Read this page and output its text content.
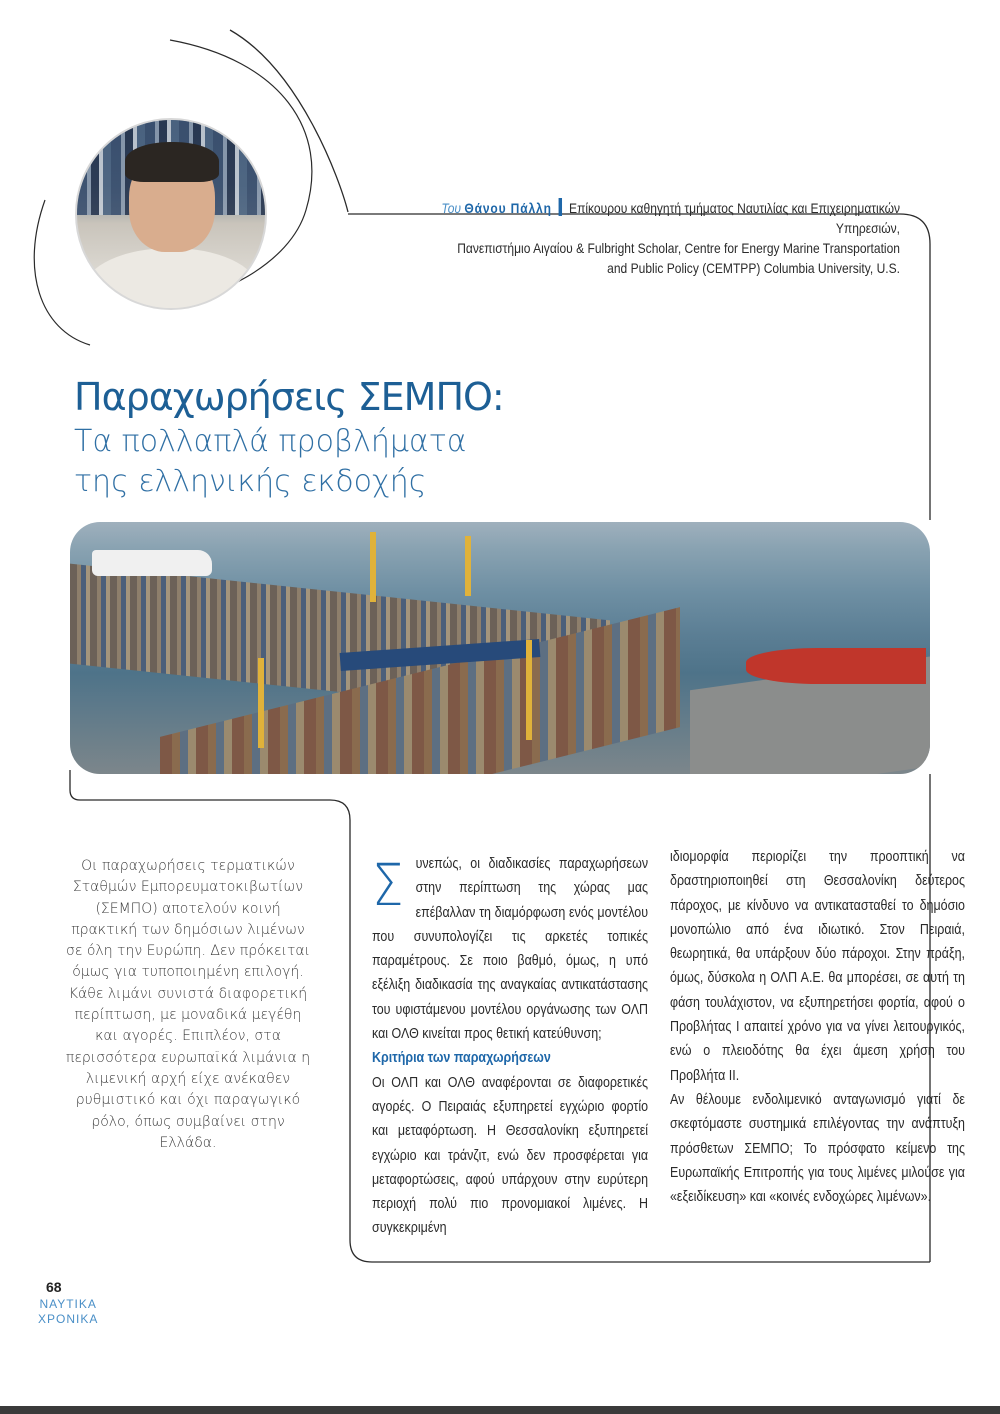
Του Θάνου Πάλλη Επίκουρου καθηγητή τμήματος Ναυτιλίας και Επιχειρηματικών Υπηρεσιών,
Πανεπιστήμιο Αιγαίου & Fulbright Scholar, Centre for Energy Marine Transportation
and Public Policy (CEMTPP) Columbia University, U.S.
Παραχωρήσεις ΣΕΜΠΟ:
Τα πολλαπλά προβλήματα
της ελληνικής εκδοχής
Οι παραχωρήσεις τερματικών Σταθμών Εμπορευματοκιβωτίων (ΣΕΜΠΟ) αποτελούν κοινή πρακτική των δημόσιων λιμένων σε όλη την Ευρώπη. Δεν πρόκειται όμως για τυποποιημένη επιλογή. Κάθε λιμάνι συνιστά διαφορετική περίπτωση, με μοναδικά μεγέθη και αγορές. Επιπλέον, στα περισσότερα ευρωπαϊκά λιμάνια η λιμενική αρχή είχε ανέκαθεν ρυθμιστικό και όχι παραγωγικό ρόλο, όπως συμβαίνει στην Ελλάδα.

Συνεπώς, οι διαδικασίες παραχωρήσεων στην περίπτωση της χώρας μας επέβαλλαν τη διαμόρφωση ενός μοντέλου που συνυπολογίζει τις αρκετές τοπικές παραμέτρους. Σε ποιο βαθμό, όμως, η υπό εξέλιξη διαδικασία της αναγκαίας αντικατάστασης του υφιστάμενου μοντέλου οργάνωσης των ΟΛΠ και ΟΛΘ κινείται προς θετική κατεύθυνση;

Κριτήρια των παραχωρήσεων

Οι ΟΛΠ και ΟΛΘ αναφέρονται σε διαφορετικές αγορές. Ο Πειραιάς εξυπηρετεί εγχώριο φορτίο και μεταφόρτωση. Η Θεσσαλονίκη εξυπηρετεί εγχώριο και τράνζιτ, ενώ δεν προσφέρεται για μεταφορτώσεις, αφού υπάρχουν στην ευρύτερη περιοχή πολύ πιο προνομιακοί λιμένες. Η συγκεκριμένη

ιδιομορφία περιορίζει την προοπτική να δραστηριοποιηθεί στη Θεσσαλονίκη δεύτερος πάροχος, με κίνδυνο να αντικατασταθεί το δημόσιο μονοπώλιο από ένα ιδιωτικό. Στον Πειραιά, θεωρητικά, θα υπάρξουν δύο πάροχοι. Στην πράξη, όμως, δύσκολα η ΟΛΠ Α.Ε. θα μπορέσει, σε αυτή τη φάση τουλάχιστον, να εξυπηρετήσει φορτία, αφού ο Προβλήτας Ι απαιτεί χρόνο για να γίνει λειτουργικός, ενώ ο πλειοδότης θα έχει άμεση χρήση του Προβλήτα ΙΙ.

Αν θέλουμε ενδολιμενικό ανταγωνισμό γιατί δε σκεφτόμαστε συστημικά επιλέγοντας την ανάπτυξη πρόσθετων ΣΕΜΠΟ; Το πρόσφατο κείμενο της Ευρωπαϊκής Επιτροπής για τους λιμένες μιλούσε για «εξειδίκευση» και «κοινές ενδοχώρες λιμένων».

68
ΝΑΥΤΙΚΑ
ΧΡΟΝΙΚΑ
